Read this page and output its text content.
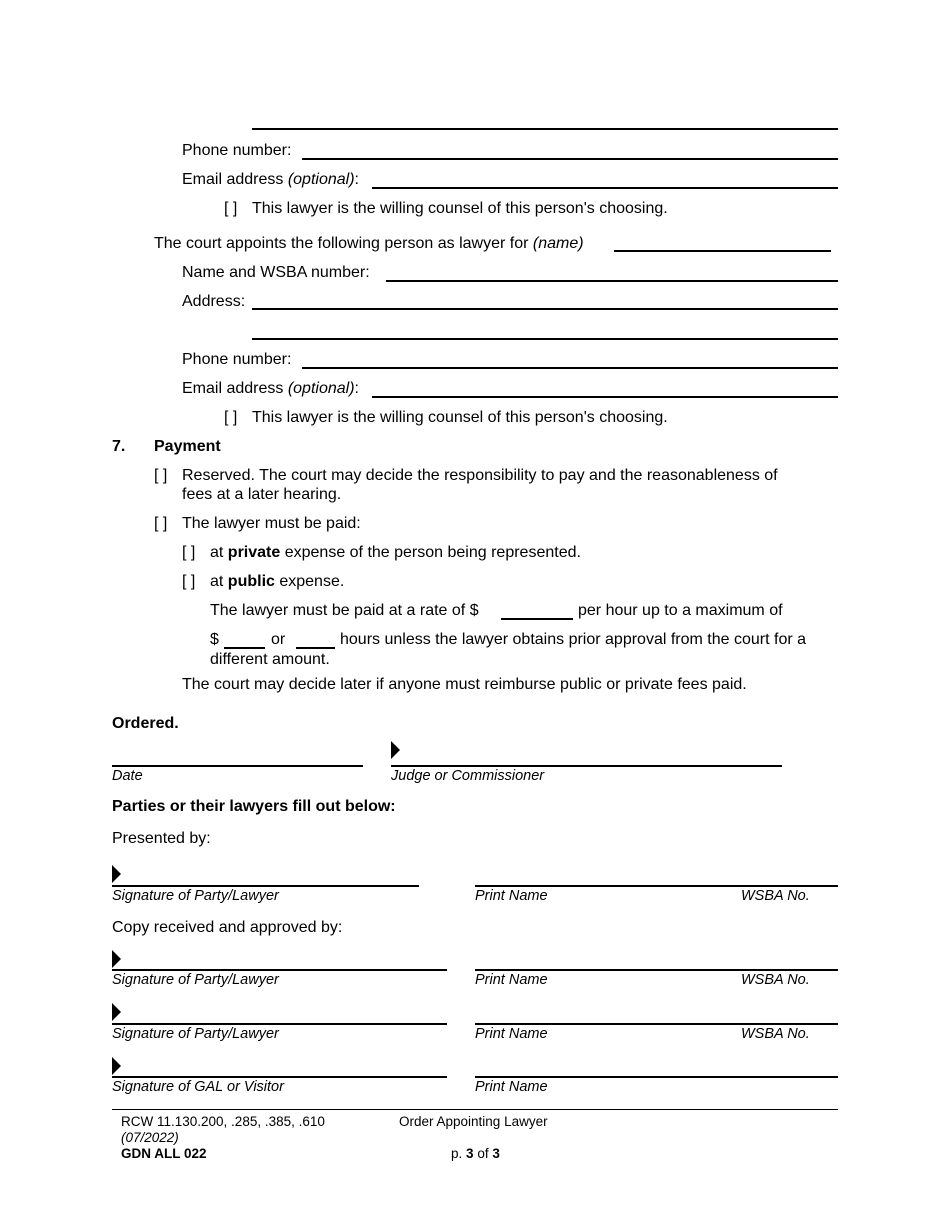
Phone number:
Email address (optional):
[ ] This lawyer is the willing counsel of this person's choosing.
The court appoints the following person as lawyer for (name)
Name and WSBA number:
Address:
Phone number:
Email address (optional):
[ ] This lawyer is the willing counsel of this person's choosing.
7. Payment
[ ] Reserved. The court may decide the responsibility to pay and the reasonableness of
fees at a later hearing.
[ ] The lawyer must be paid:
[ ] at private expense of the person being represented.
[ ] at public expense.
The lawyer must be paid at a rate of $	per hour up to a maximum of
$	or	hours unless the lawyer obtains prior approval from the court for a
different amount.
The court may decide later if anyone must reimburse public or private fees paid.
Ordered.
Date	Judge or Commissioner
Parties or their lawyers fill out below:
Presented by:
Signature of Party/Lawyer	Print Name	WSBA No.
Copy received and approved by:
Signature of Party/Lawyer	Print Name	WSBA No.
Signature of Party/Lawyer	Print Name	WSBA No.
Signature of GAL or Visitor	Print Name
RCW 11.130.200, .285, .385, .610
(07/2022)
GDN ALL 022
Order Appointing Lawyer
p. 3 of 3
